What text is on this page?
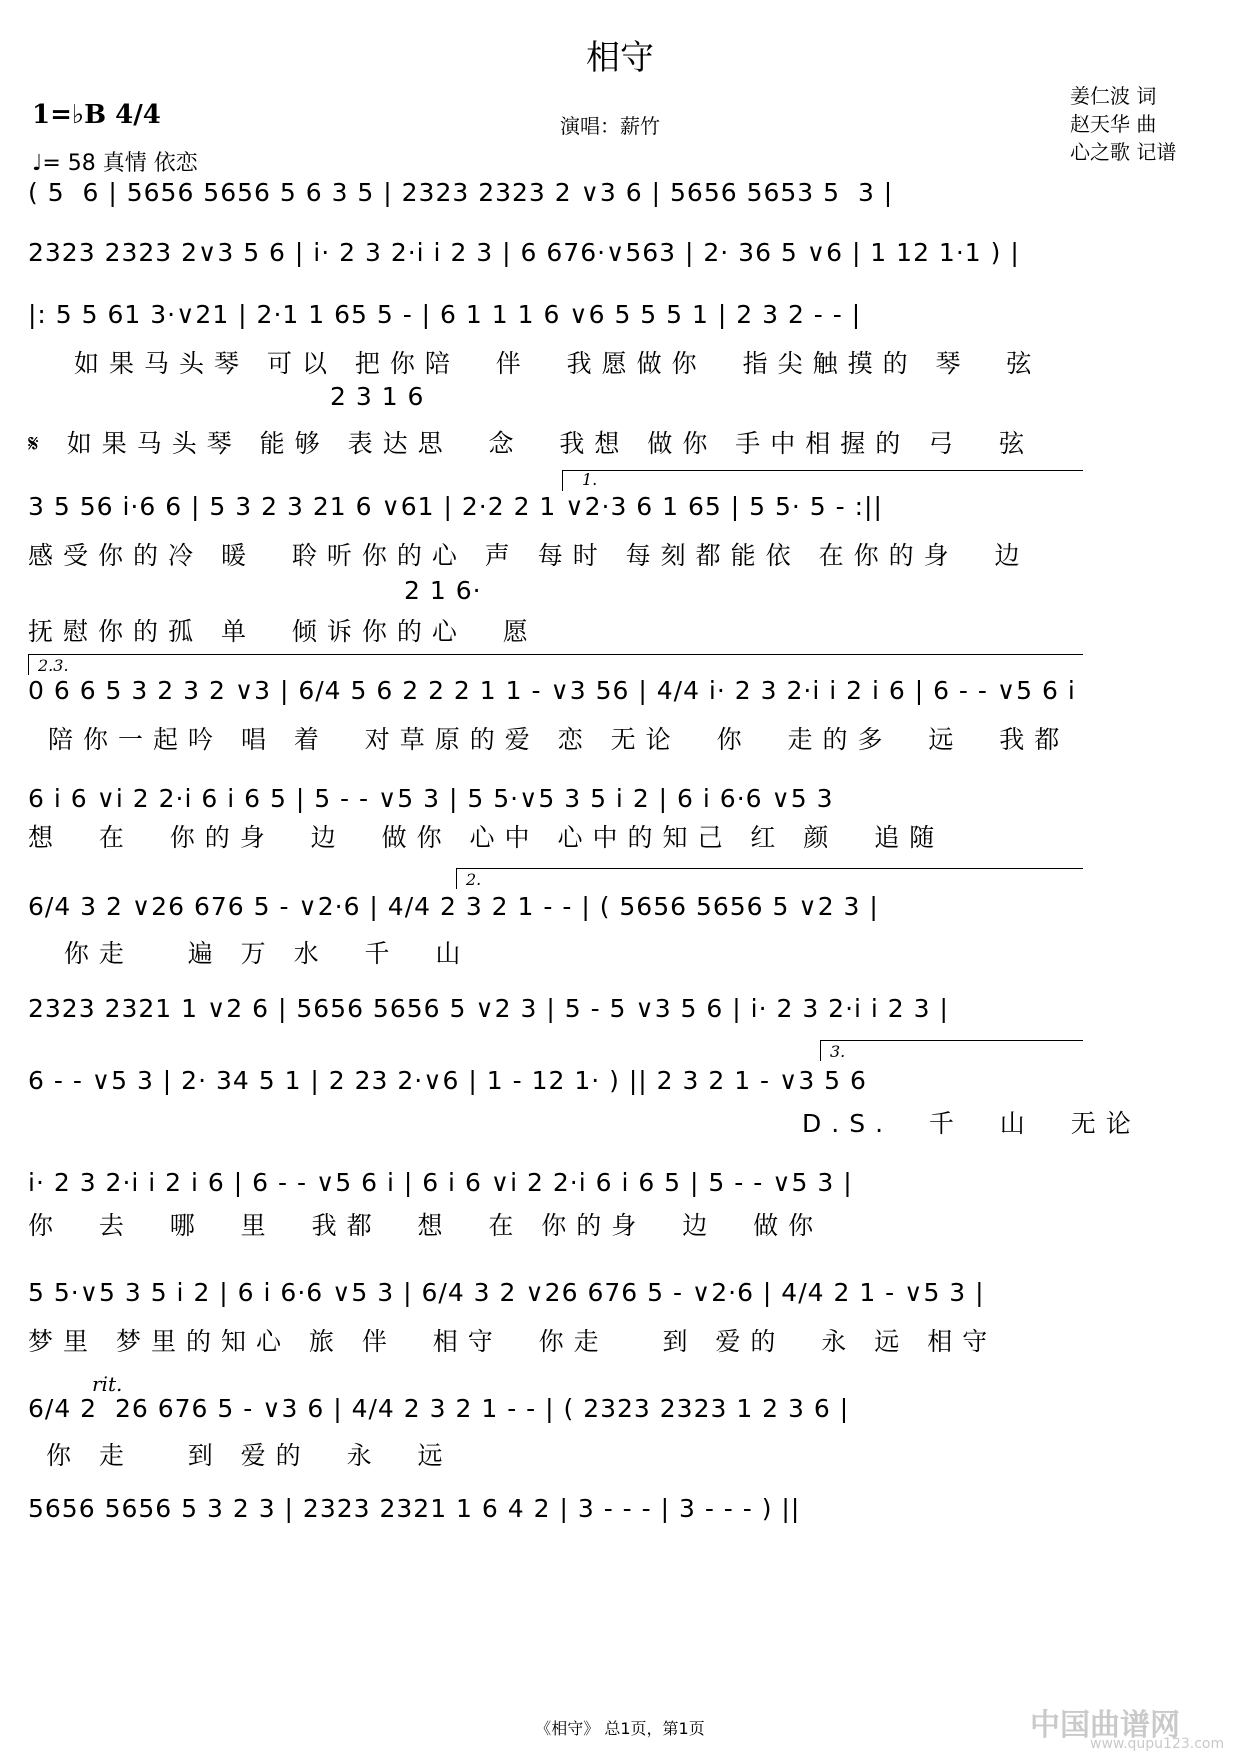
相守
1=♭B 4/4
♩= 58 真情 依恋
演唱：薪竹
姜仁波 词
赵天华 曲
心之歌 记谱
( 5  6 | 5656 5656 5 6 3 5 | 2323 2323 2 ∨3 6 | 5656 5653 5  3 |
2323 2323 2∨3 5 6 | i· 2 3 2·i i 2 3 | 6 676·∨563 | 2· 36 5 ∨6 | 1 12 1·1 ) |
|: 5 5 61 3·∨21 | 2·1 1 65 5 - | 6 1 1 1 6 ∨6 5 5 5 1 | 2 3 2 - - |
如果马头琴 可以 把你陪  伴  我愿做你  指尖触摸的 琴  弦
2 3 1 6
𝄋 如果马头琴 能够 表达思  念  我想 做你 手中相握的 弓  弦
1.
3 5 56 i·6 6 | 5 3 2 3 21 6 ∨61 | 2·2 2 1 ∨2·3 6 1 65 | 5 5· 5 - :||
感受你的冷 暖  聆听你的心 声 每时 每刻都能依 在你的身  边
2 1 6·
抚慰你的孤 单  倾诉你的心  愿
2.3.
0 6 6 5 3 2 3 2 ∨3 | 6/4 5 6 2 2 2 1 1 - ∨3 56 | 4/4 i· 2 3 2·i i 2 i 6 | 6 - - ∨5 6 i
陪你一起吟 唱 着  对草原的爱 恋 无论  你  走的多  远  我都
6 i 6 ∨i 2 2·i 6 i 6 5 | 5 - - ∨5 3 | 5 5·∨5 3 5 i 2 | 6 i 6·6 ∨5 3
想  在  你的身  边  做你 心中 心中的知己 红 颜  追随
2.
6/4 3 2 ∨26 676 5 - ∨2·6 | 4/4 2 3 2 1 - - | ( 5656 5656 5 ∨2 3 |
你走   遍 万 水  千  山
2323 2321 1 ∨2 6 | 5656 5656 5 ∨2 3 | 5 - 5 ∨3 5 6 | i· 2 3 2·i i 2 3 |
3.
6 - - ∨5 3 | 2· 34 5 1 | 2 23 2·∨6 | 1 - 12 1· ) || 2 3 2 1 - ∨3 5 6
D.S.  千  山  无论
i· 2 3 2·i i 2 i 6 | 6 - - ∨5 6 i | 6 i 6 ∨i 2 2·i 6 i 6 5 | 5 - - ∨5 3 |
你  去  哪  里  我都  想  在 你的身  边  做你
5 5·∨5 3 5 i 2 | 6 i 6·6 ∨5 3 | 6/4 3 2 ∨26 676 5 - ∨2·6 | 4/4 2 1 - ∨5 3 |
梦里 梦里的知心 旅 伴  相守  你走   到 爱的  永 远 相守
rit.
6/4 2  26 676 5 - ∨3 6 | 4/4 2 3 2 1 - - | ( 2323 2323 1 2 3 6 |
你 走   到 爱的  永  远
5656 5656 5 3 2 3 | 2323 2321 1 6 4 2 | 3 - - - | 3 - - - ) ||
《相守》 总1页，第1页	中国曲谱网
www.qupu123.com
